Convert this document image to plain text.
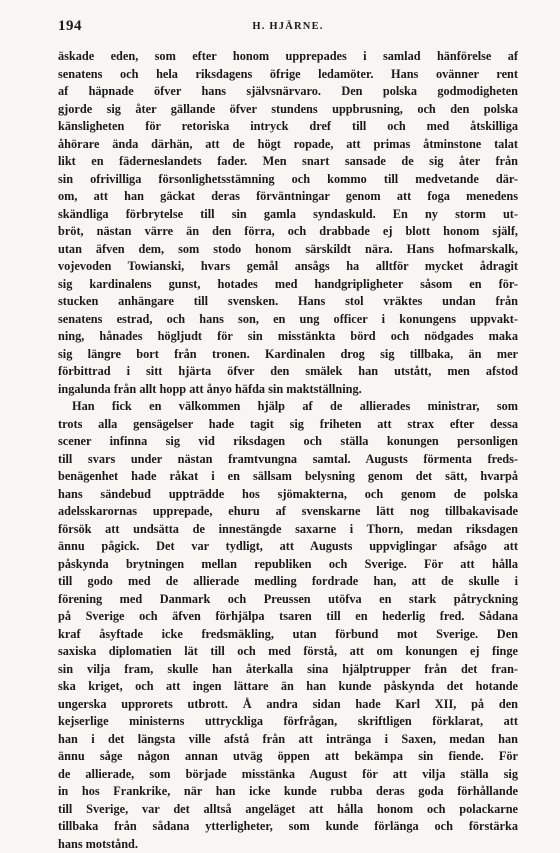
194	H. HJÄRNE.
äskade eden, som efter honom upprepades i samlad hänförelse af
senatens och hela riksdagens öfrige ledamöter. Hans ovänner rent
af häpnade öfver hans självsnärvaro. Den polska godmodigheten
gjorde sig åter gällande öfver stundens uppbrusning, och den polska
känsligheten för retoriska intryck dref till och med åtskilliga
åhörare ända därhän, att de högt ropade, att primas åtminstone talat
likt en fäderneslandets fader. Men snart sansade de sig åter från
sin ofrivilliga försonlighetsstämning och kommo till medvetande där-
om, att han gäckat deras förväntningar genom att foga menedens
skändliga förbrytelse till sin gamla syndaskuld. En ny storm ut-
bröt, nästan värre än den förra, och drabbade ej blott honom själf,
utan äfven dem, som stodo honom särskildt nära. Hans hofmarskalk,
vojevoden Towianski, hvars gemål ansågs ha alltför mycket ådragit
sig kardinalens gunst, hotades med handgripligheter såsom en för-
stucken anhängare till svensken. Hans stol vräktes undan från
senatens estrad, och hans son, en ung officer i konungens uppvakt-
ning, hånades högljudt för sin misstänkta börd och nödgades maka
sig längre bort från tronen. Kardinalen drog sig tillbaka, än mer
förbittrad i sitt hjärta öfver den smälek han utstått, men afstod
ingalunda från allt hopp att ånyo häfda sin maktställning.
Han fick en välkommen hjälp af de allierades ministrar, som
trots alla gensägelser hade tagit sig friheten att strax efter dessa
scener infinna sig vid riksdagen och ställa konungen personligen
till svars under nästan framtvungna samtal. Augusts förmenta freds-
benägenhet hade råkat i en sällsam belysning genom det sätt, hvarpå
hans sändebud uppträdde hos sjömakterna, och genom de polska
adelsskarornas upprepade, ehuru af svenskarne lätt nog tillbakavisade
försök att undsätta de innestängde saxarne i Thorn, medan riksdagen
ännu pågick. Det var tydligt, att Augusts uppviglingar afsågo att
påskynda brytningen mellan republiken och Sverige. För att hålla
till godo med de allierade medling fordrade han, att de skulle i
förening med Danmark och Preussen utöfva en stark påtryckning
på Sverige och äfven förhjälpa tsaren till en hederlig fred. Sådana
kraf åsyftade icke fredsmäkling, utan förbund mot Sverige. Den
saxiska diplomatien lät till och med förstå, att om konungen ej finge
sin vilja fram, skulle han återkalla sina hjälptrupper från det fran-
ska kriget, och att ingen lättare än han kunde påskynda det hotande
ungerska upprorets utbrott. Å andra sidan hade Karl XII, på den
kejserlige ministerns uttryckliga förfrågan, skriftligen förklarat, att
han i det längsta ville afstå från att intränga i Saxen, medan han
ännu såge någon annan utväg öppen att bekämpa sin fiende. För
de allierade, som började misstänka August för att vilja ställa sig
in hos Frankrike, när han icke kunde rubba deras goda förhållande
till Sverige, var det alltså angeläget att hålla honom och polackarne
tillbaka från sådana ytterligheter, som kunde förlänga och förstärka
hans motstånd.
